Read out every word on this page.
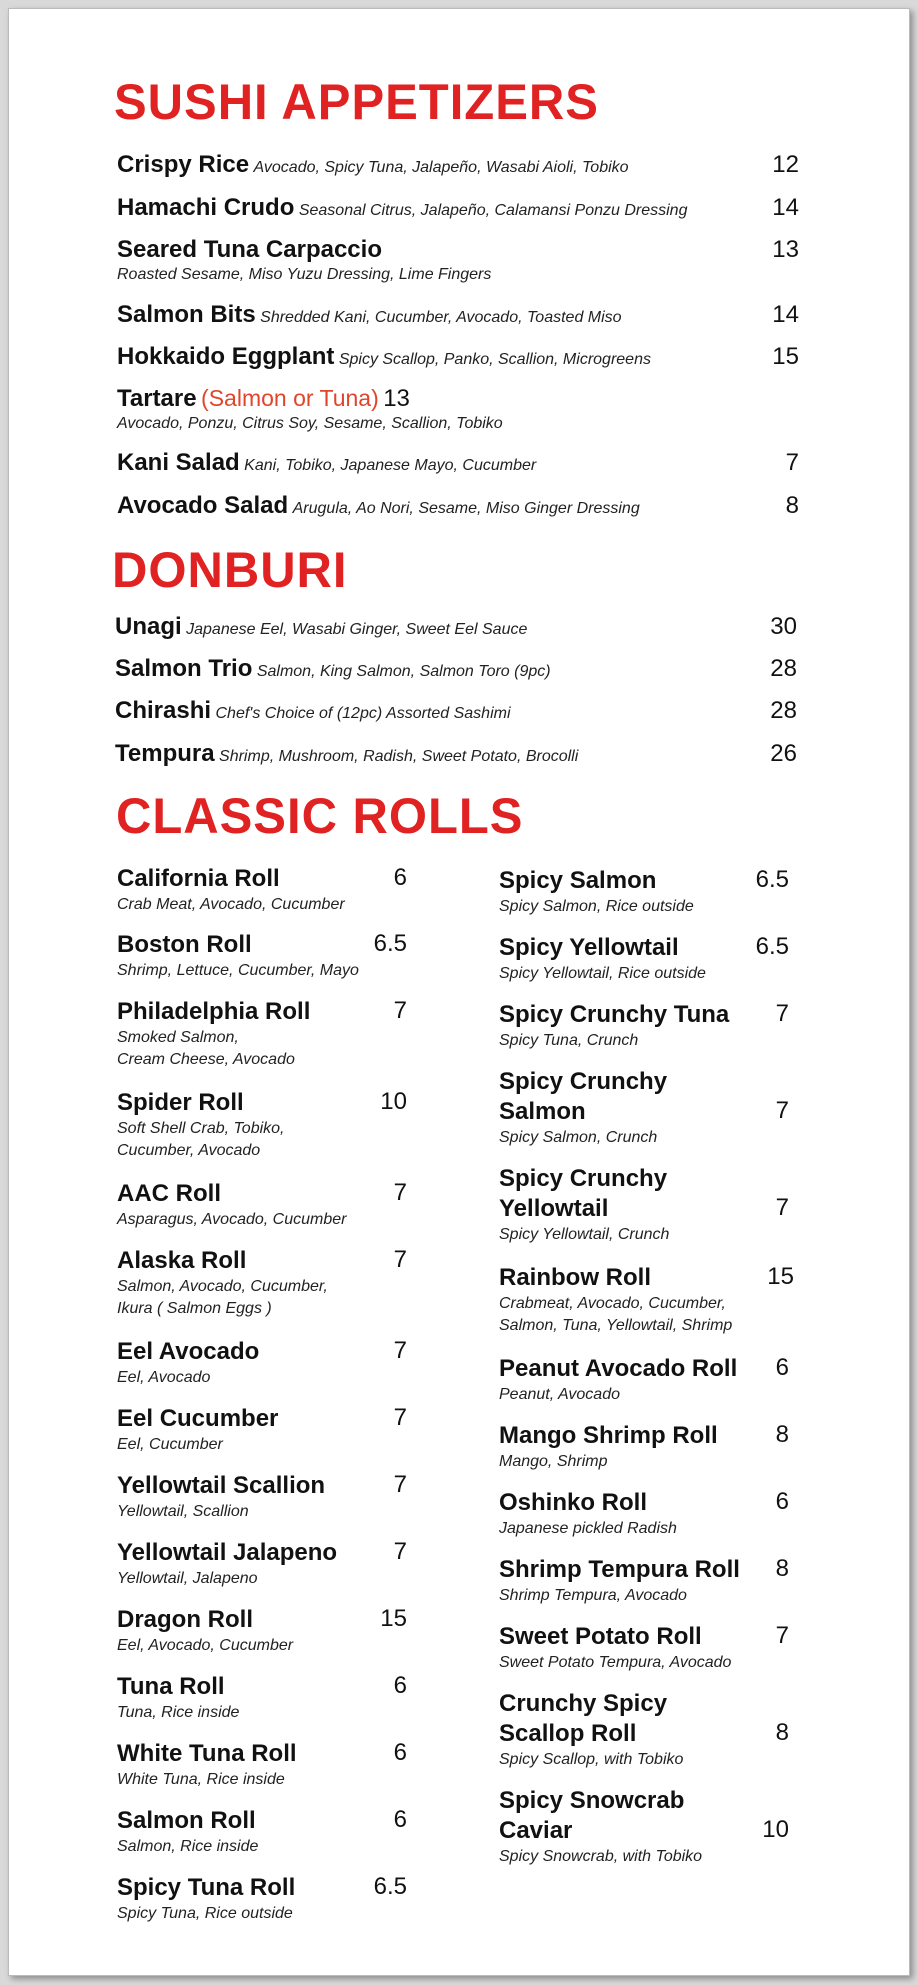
SUSHI APPETIZERS
Crispy Rice Avocado, Spicy Tuna, Jalapeño, Wasabi Aioli, Tobiko	12
Hamachi Crudo Seasonal Citrus, Jalapeño, Calamansi Ponzu Dressing	14
Seared Tuna Carpaccio
Roasted Sesame, Miso Yuzu Dressing, Lime Fingers
13
Salmon Bits Shredded Kani, Cucumber, Avocado, Toasted Miso	14
Hokkaido Eggplant Spicy Scallop, Panko, Scallion, Microgreens	15
Tartare (Salmon or Tuna) 13
Avocado, Ponzu, Citrus Soy, Sesame, Scallion, Tobiko
Kani Salad Kani, Tobiko, Japanese Mayo, Cucumber	7
Avocado Salad Arugula, Ao Nori, Sesame, Miso Ginger Dressing	8
DONBURI
Unagi Japanese Eel, Wasabi Ginger, Sweet Eel Sauce	30
Salmon Trio Salmon, King Salmon, Salmon Toro (9pc)	28
Chirashi Chef's Choice of (12pc) Assorted Sashimi	28
Tempura Shrimp, Mushroom, Radish, Sweet Potato, Brocolli	26
CLASSIC ROLLS
California Roll
Crab Meat, Avocado, Cucumber
6
Boston Roll
Shrimp, Lettuce, Cucumber, Mayo
6.5
Philadelphia Roll
Smoked Salmon,
Cream Cheese, Avocado
7
Spider Roll
Soft Shell Crab, Tobiko,
Cucumber, Avocado
10
AAC Roll
Asparagus, Avocado, Cucumber
7
Alaska Roll
Salmon, Avocado, Cucumber,
Ikura ( Salmon Eggs )
7
Eel Avocado
Eel, Avocado
7
Eel Cucumber
Eel, Cucumber
7
Yellowtail Scallion
Yellowtail, Scallion
7
Yellowtail Jalapeno
Yellowtail, Jalapeno
7
Dragon Roll
Eel, Avocado, Cucumber
15
Tuna Roll
Tuna, Rice inside
6
White Tuna Roll
White Tuna, Rice inside
6
Salmon Roll
Salmon, Rice inside
6
Spicy Tuna Roll
Spicy Tuna, Rice outside
6.5
Spicy Salmon
Spicy Salmon, Rice outside
6.5
Spicy Yellowtail
Spicy Yellowtail, Rice outside
6.5
Spicy Crunchy Tuna
Spicy Tuna, Crunch
7
Spicy Crunchy
Salmon
Spicy Salmon, Crunch
7
Spicy Crunchy
Yellowtail
Spicy Yellowtail, Crunch
7
Rainbow Roll
Crabmeat, Avocado, Cucumber,
Salmon, Tuna, Yellowtail, Shrimp
15
Peanut Avocado Roll
Peanut, Avocado
6
Mango Shrimp Roll
Mango, Shrimp
8
Oshinko Roll
Japanese pickled Radish
6
Shrimp Tempura Roll
Shrimp Tempura, Avocado
8
Sweet Potato Roll
Sweet Potato Tempura, Avocado
7
Crunchy Spicy
Scallop Roll
Spicy Scallop, with Tobiko
8
Spicy Snowcrab
Caviar
Spicy Snowcrab, with Tobiko
10
